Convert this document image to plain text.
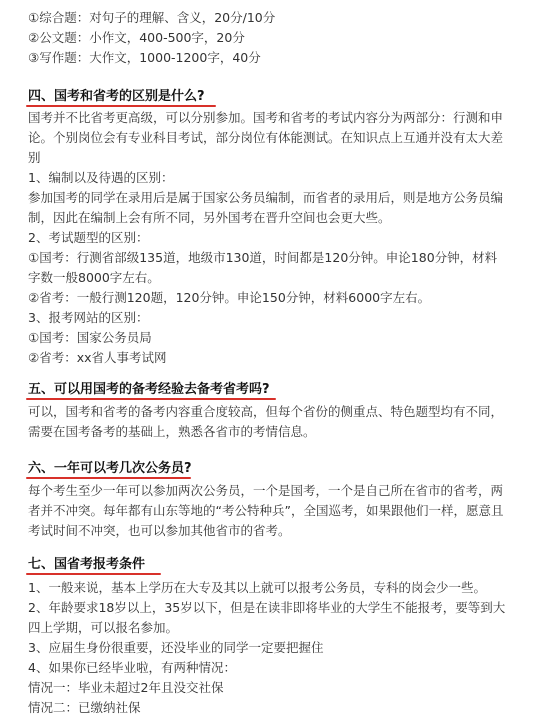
①综合题：对句子的理解、含义，20分/10分
②公文题：小作文，400-500字，20分
③写作题：大作文，1000-1200字，40分
四、国考和省考的区别是什么?
国考并不比省考更高级，可以分别参加。国考和省考的考试内容分为两部分：行测和申
论。个别岗位会有专业科目考试，部分岗位有体能测试。在知识点上互通并没有太大差
别
1、编制以及待遇的区别：
参加国考的同学在录用后是属于国家公务员编制，而省者的录用后，则是地方公务员编
制，因此在编制上会有所不同，另外国考在晋升空间也会更大些。
2、考试题型的区别：
①国考：行测省部级135道，地级市130道，时间都是120分钟。申论180分钟，材料
字数一般8000字左右。
②省考：一般行测120题，120分钟。申论150分钟，材料6000字左右。
3、报考网站的区别：
①国考：国家公务员局
②省考：xx省人事考试网
五、可以用国考的备考经验去备考省考吗?
可以，国考和省考的备考内容重合度较高，但每个省份的侧重点、特色题型均有不同，
需要在国考备考的基础上，熟悉各省市的考情信息。
六、一年可以考几次公务员?
每个考生至少一年可以参加两次公务员，一个是国考，一个是自己所在省市的省考，两
者并不冲突。每年都有山东等地的“考公特种兵”，全国巡考，如果跟他们一样，愿意且
考试时间不冲突，也可以参加其他省市的省考。
七、国省考报考条件
1、一般来说，基本上学历在大专及其以上就可以报考公务员，专科的岗会少一些。
2、年龄要求18岁以上，35岁以下，但是在读非即将毕业的大学生不能报考，要等到大
四上学期，可以报名参加。
3、应届生身份很重要，还没毕业的同学一定要把握住
4、如果你已经毕业啦，有两种情况：
情况一：毕业未超过2年且没交社保
情况二：已缴纳社保
